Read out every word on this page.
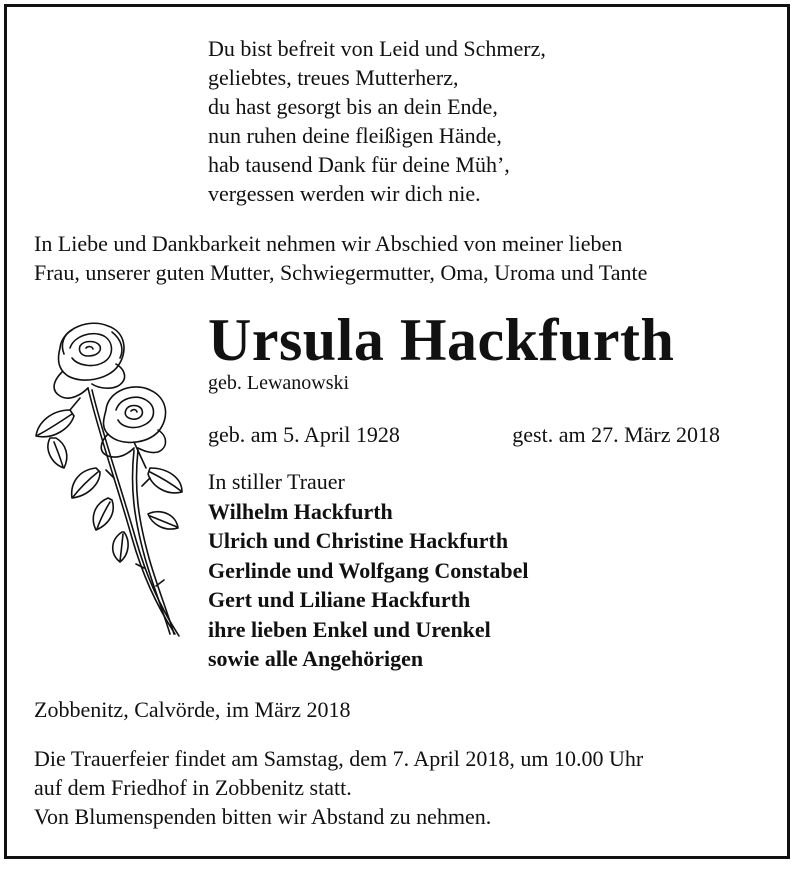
Du bist befreit von Leid und Schmerz,
geliebtes, treues Mutterherz,
du hast gesorgt bis an dein Ende,
nun ruhen deine fleißigen Hände,
hab tausend Dank für deine Müh’,
vergessen werden wir dich nie.
In Liebe und Dankbarkeit nehmen wir Abschied von meiner lieben
Frau, unserer guten Mutter, Schwiegermutter, Oma, Uroma und Tante
Ursula Hackfurth
geb. Lewanowski
geb. am 5. April 1928	gest. am 27. März 2018
In stiller Trauer
Wilhelm Hackfurth
Ulrich und Christine Hackfurth
Gerlinde und Wolfgang Constabel
Gert und Liliane Hackfurth
ihre lieben Enkel und Urenkel
sowie alle Angehörigen
Zobbenitz, Calvörde, im März 2018
Die Trauerfeier findet am Samstag, dem 7. April 2018, um 10.00 Uhr
auf dem Friedhof in Zobbenitz statt.
Von Blumenspenden bitten wir Abstand zu nehmen.
